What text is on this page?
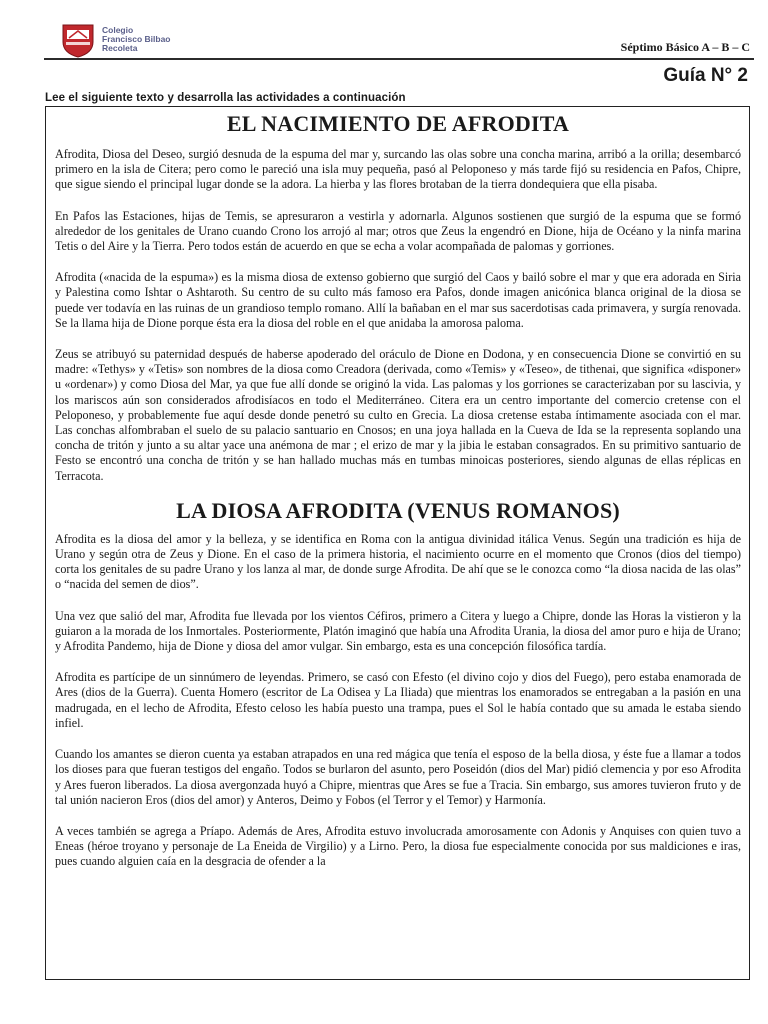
Colegio
Francisco Bilbao
Recoleta	Séptimo Básico A – B – C
Guía N° 2
Lee el siguiente texto y desarrolla las actividades a continuación
EL NACIMIENTO DE AFRODITA

Afrodita, Diosa del Deseo, surgió desnuda de la espuma del mar y, surcando las olas sobre una concha marina, arribó a la orilla; desembarcó primero en la isla de Citera; pero como le pareció una isla muy pequeña, pasó al Peloponeso y más tarde fijó su residencia en Pafos, Chipre, que sigue siendo el principal lugar donde se la adora. La hierba y las flores brotaban de la tierra dondequiera que ella pisaba.

En Pafos las Estaciones, hijas de Temis, se apresuraron a vestirla y adornarla. Algunos sostienen que surgió de la espuma que se formó alrededor de los genitales de Urano cuando Crono los arrojó al mar; otros que Zeus la engendró en Dione, hija de Océano y la ninfa marina Tetis o del Aire y la Tierra. Pero todos están de acuerdo en que se echa a volar acompañada de palomas y gorriones.

Afrodita («nacida de la espuma») es la misma diosa de extenso gobierno que surgió del Caos y bailó sobre el mar y que era adorada en Siria y Palestina como Ishtar o Ashtaroth. Su centro de su culto más famoso era Pafos, donde imagen anicónica blanca original de la diosa se puede ver todavía en las ruinas de un grandioso templo romano. Allí la bañaban en el mar sus sacerdotisas cada primavera, y surgía renovada. Se la llama hija de Dione porque ésta era la diosa del roble en el que anidaba la amorosa paloma.

Zeus se atribuyó su paternidad después de haberse apoderado del oráculo de Dione en Dodona, y en consecuencia Dione se convirtió en su madre: «Tethys» y «Tetis» son nombres de la diosa como Creadora (derivada, como «Temis» y «Teseo», de tithenai, que significa «disponer» u «ordenar») y como Diosa del Mar, ya que fue allí donde se originó la vida. Las palomas y los gorriones se caracterizaban por su lascivia, y los mariscos aún son considerados afrodisíacos en todo el Mediterráneo. Citera era un centro importante del comercio cretense con el Peloponeso, y probablemente fue aquí desde donde penetró su culto en Grecia. La diosa cretense estaba íntimamente asociada con el mar. Las conchas alfombraban el suelo de su palacio santuario en Cnosos; en una joya hallada en la Cueva de Ida se la representa soplando una concha de tritón y junto a su altar yace una anémona de mar ; el erizo de mar y la jibia le estaban consagrados. En su primitivo santuario de Festo se encontró una concha de tritón y se han hallado muchas más en tumbas minoicas posteriores, siendo algunas de ellas réplicas en Terracota.

LA DIOSA AFRODITA (VENUS ROMANOS)

Afrodita es la diosa del amor y la belleza, y se identifica en Roma con la antigua divinidad itálica Venus. Según una tradición es hija de Urano y según otra de Zeus y Dione. En el caso de la primera historia, el nacimiento ocurre en el momento que Cronos (dios del tiempo) corta los genitales de su padre Urano y los lanza al mar, de donde surge Afrodita. De ahí que se le conozca como “la diosa nacida de las olas” o “nacida del semen de dios”.

Una vez que salió del mar, Afrodita fue llevada por los vientos Céfiros, primero a Citera y luego a Chipre, donde las Horas la vistieron y la guiaron a la morada de los Inmortales. Posteriormente, Platón imaginó que había una Afrodita Urania, la diosa del amor puro e hija de Urano; y Afrodita Pandemo, hija de Dione y diosa del amor vulgar. Sin embargo, esta es una concepción filosófica tardía.

Afrodita es partícipe de un sinnúmero de leyendas. Primero, se casó con Efesto (el divino cojo y dios del Fuego), pero estaba enamorada de Ares (dios de la Guerra). Cuenta Homero (escritor de La Odisea y La Iliada) que mientras los enamorados se entregaban a la pasión en una madrugada, en el lecho de Afrodita, Efesto celoso les había puesto una trampa, pues el Sol le había contado que su amada le estaba siendo infiel.

Cuando los amantes se dieron cuenta ya estaban atrapados en una red mágica que tenía el esposo de la bella diosa, y éste fue a llamar a todos los dioses para que fueran testigos del engaño. Todos se burlaron del asunto, pero Poseidón (dios del Mar) pidió clemencia y por eso Afrodita y Ares fueron liberados. La diosa avergonzada huyó a Chipre, mientras que Ares se fue a Tracia. Sin embargo, sus amores tuvieron fruto y de tal unión nacieron Eros (dios del amor) y Anteros, Deimo y Fobos (el Terror y el Temor) y Harmonía.

A veces también se agrega a Príapo. Además de Ares, Afrodita estuvo involucrada amorosamente con Adonis y Anquises con quien tuvo a Eneas (héroe troyano y personaje de La Eneida de Virgilio) y a Lirno. Pero, la diosa fue especialmente conocida por sus maldiciones e iras, pues cuando alguien caía en la desgracia de ofender a la
